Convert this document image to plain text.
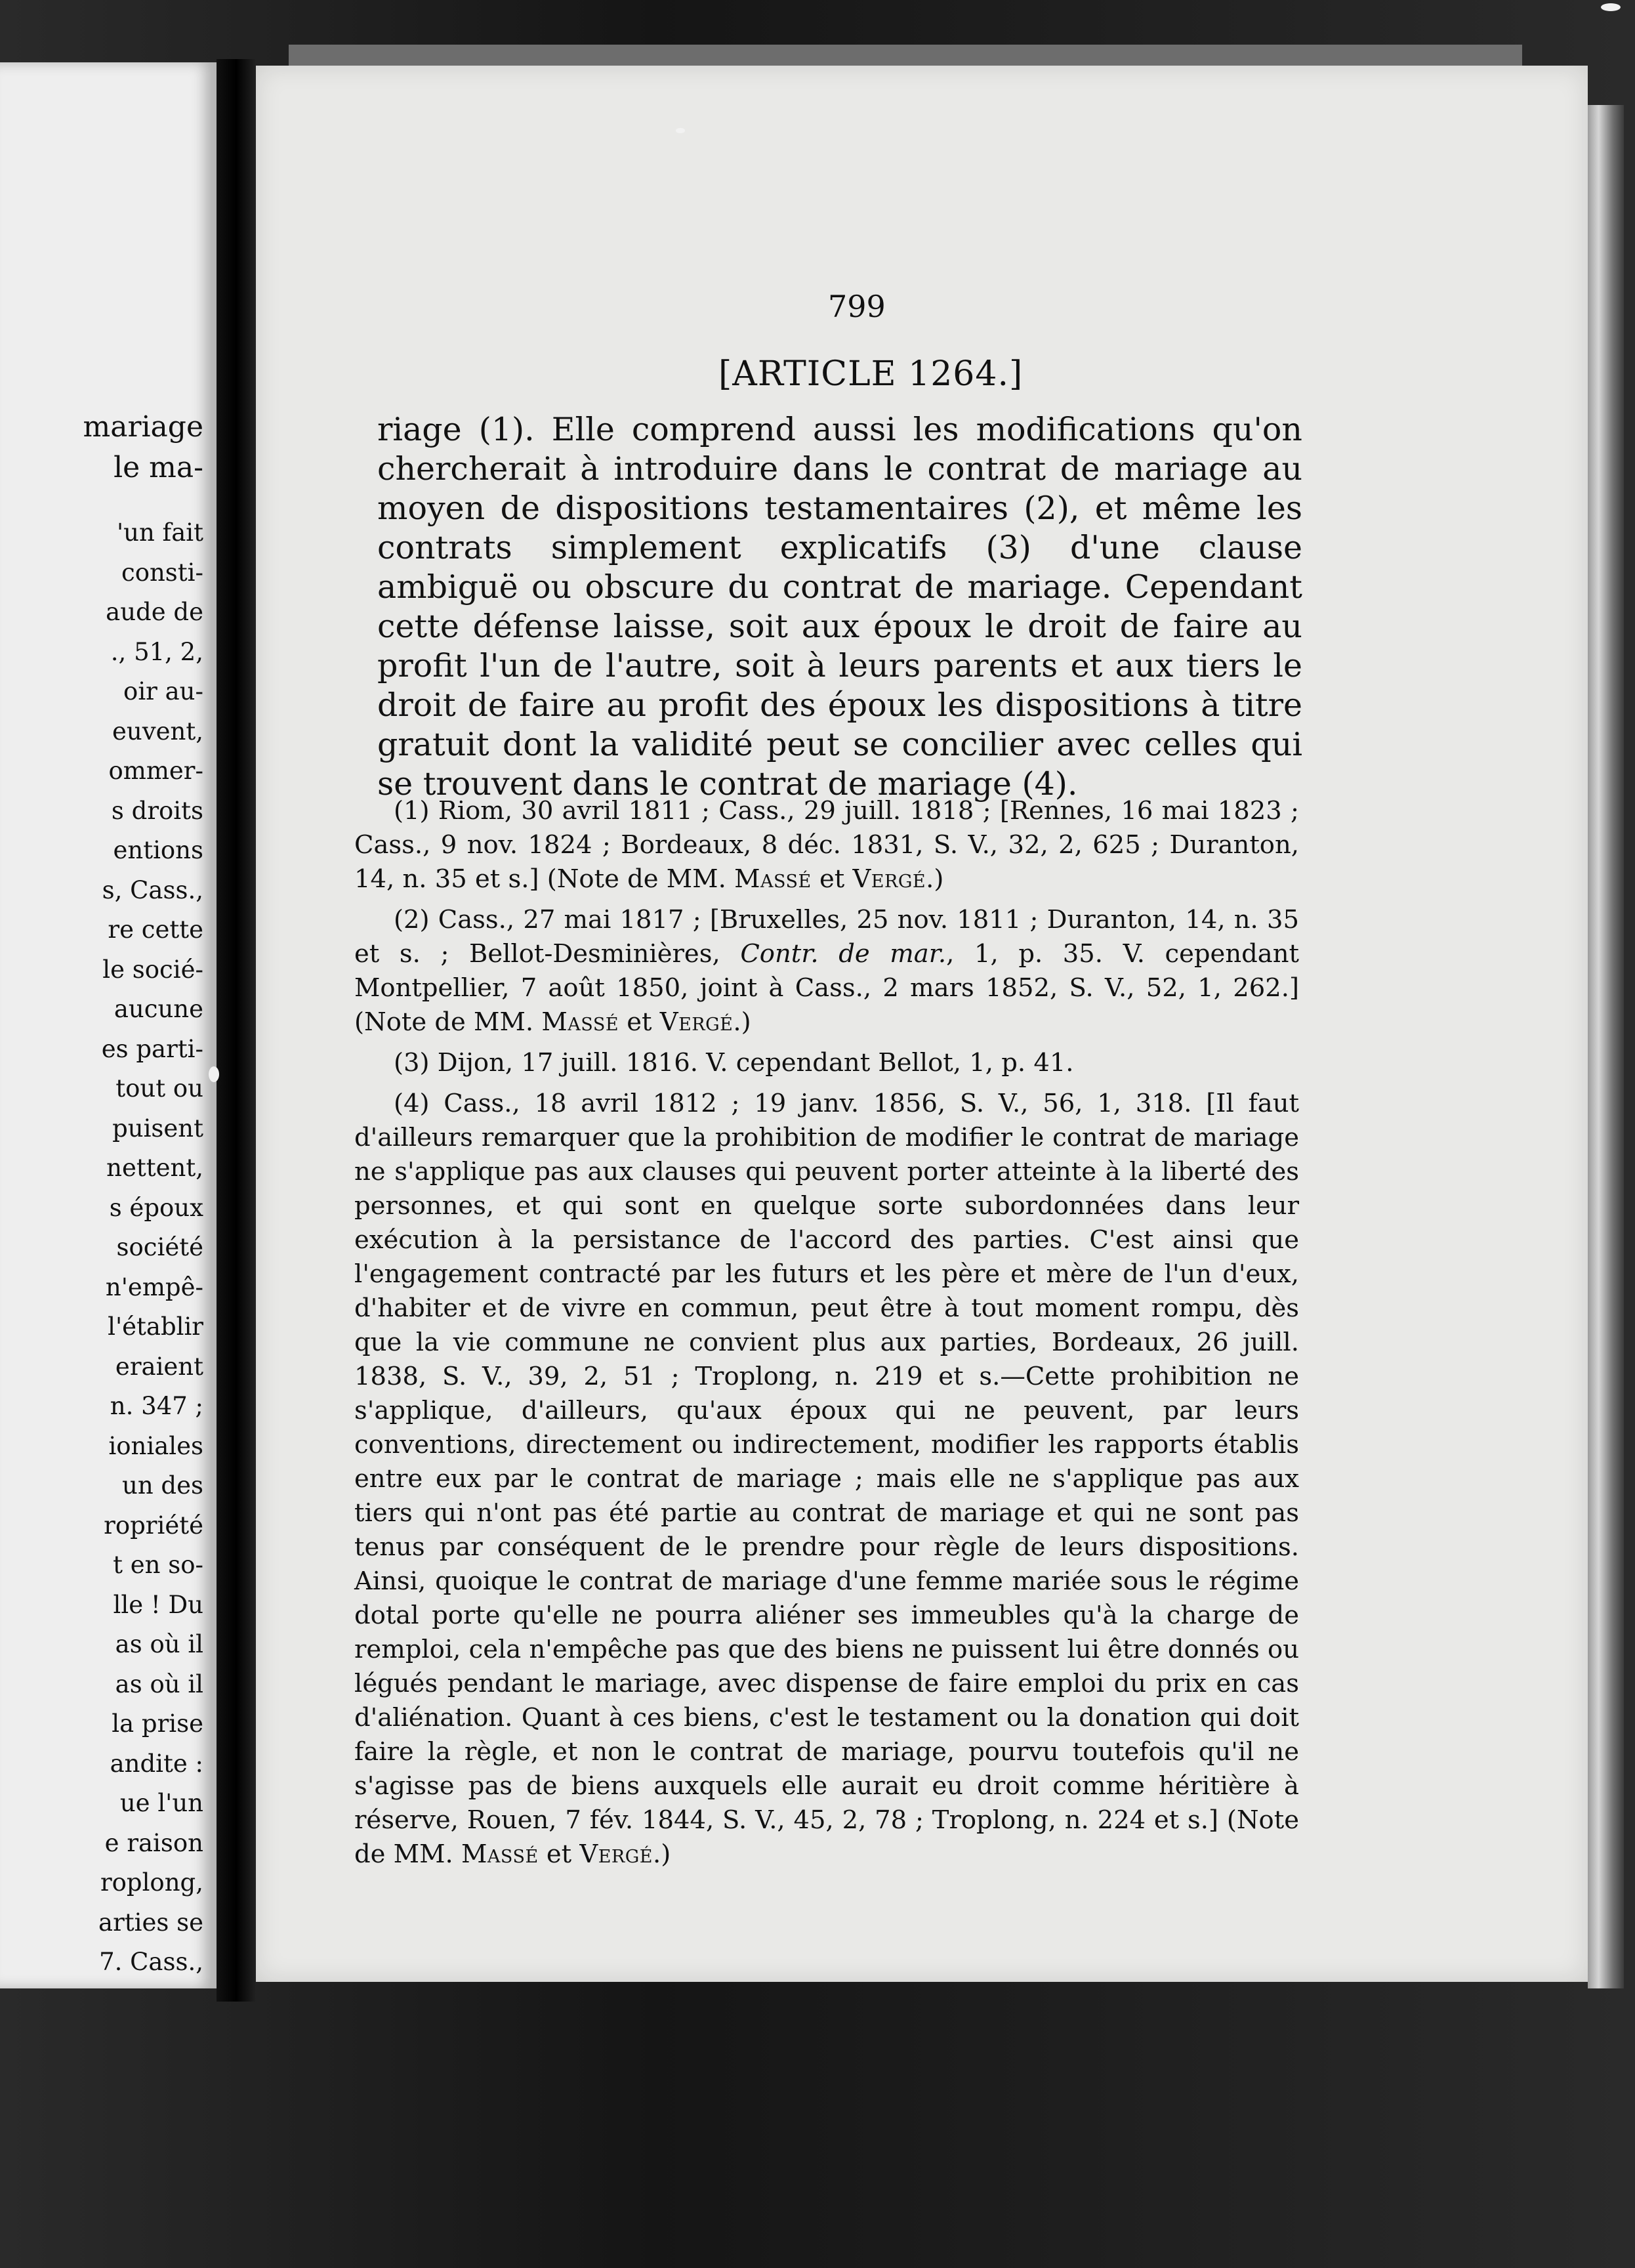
mariage
le ma-
'un fait
consti-
aude de
., 51, 2,
oir au-
euvent,
ommer-
s droits
entions
s, Cass.,
re cette
le socié-
aucune
es parti-
tout ou
puisent
nettent,
s époux
société
n'empê-
l'établir
eraient
n. 347 ;
ioniales
un des
ropriété
t en so-
lle ! Du
as où il
as où il
la prise
andite :
ue l'un
e raison
roplong,
arties se
7. Cass.,
799
[ARTICLE 1264.]
riage (1). Elle comprend aussi les modifications qu'on chercherait à introduire dans le contrat de mariage au moyen de dispositions testamentaires (2), et même les contrats simplement explicatifs (3) d'une clause ambiguë ou obscure du contrat de mariage. Cependant cette défense laisse, soit aux époux le droit de faire au profit l'un de l'autre, soit à leurs parents et aux tiers le droit de faire au profit des époux les dispositions à titre gratuit dont la validité peut se concilier avec celles qui se trouvent dans le contrat de mariage (4).

(1) Riom, 30 avril 1811 ; Cass., 29 juill. 1818 ; [Rennes, 16 mai 1823 ; Cass., 9 nov. 1824 ; Bordeaux, 8 déc. 1831, S. V., 32, 2, 625 ; Duranton, 14, n. 35 et s.] (Note de MM. Massé et Vergé.)

(2) Cass., 27 mai 1817 ; [Bruxelles, 25 nov. 1811 ; Duranton, 14, n. 35 et s. ; Bellot-Desminières, Contr. de mar., 1, p. 35. V. cependant Montpellier, 7 août 1850, joint à Cass., 2 mars 1852, S. V., 52, 1, 262.] (Note de MM. Massé et Vergé.)

(3) Dijon, 17 juill. 1816. V. cependant Bellot, 1, p. 41.

(4) Cass., 18 avril 1812 ; 19 janv. 1856, S. V., 56, 1, 318. [Il faut d'ailleurs remarquer que la prohibition de modifier le contrat de mariage ne s'applique pas aux clauses qui peuvent porter atteinte à la liberté des personnes, et qui sont en quelque sorte subordonnées dans leur exécution à la persistance de l'accord des parties. C'est ainsi que l'engagement contracté par les futurs et les père et mère de l'un d'eux, d'habiter et de vivre en commun, peut être à tout moment rompu, dès que la vie commune ne convient plus aux parties, Bordeaux, 26 juill. 1838, S. V., 39, 2, 51 ; Troplong, n. 219 et s.—Cette prohibition ne s'applique, d'ailleurs, qu'aux époux qui ne peuvent, par leurs conventions, directement ou indirectement, modifier les rapports établis entre eux par le contrat de mariage ; mais elle ne s'applique pas aux tiers qui n'ont pas été partie au contrat de mariage et qui ne sont pas tenus par conséquent de le prendre pour règle de leurs dispositions. Ainsi, quoique le contrat de mariage d'une femme mariée sous le régime dotal porte qu'elle ne pourra aliéner ses immeubles qu'à la charge de remploi, cela n'empêche pas que des biens ne puissent lui être donnés ou légués pendant le mariage, avec dispense de faire emploi du prix en cas d'aliénation. Quant à ces biens, c'est le testament ou la donation qui doit faire la règle, et non le contrat de mariage, pourvu toutefois qu'il ne s'agisse pas de biens auxquels elle aurait eu droit comme héritière à réserve, Rouen, 7 fév. 1844, S. V., 45, 2, 78 ; Troplong, n. 224 et s.] (Note de MM. Massé et Vergé.)
